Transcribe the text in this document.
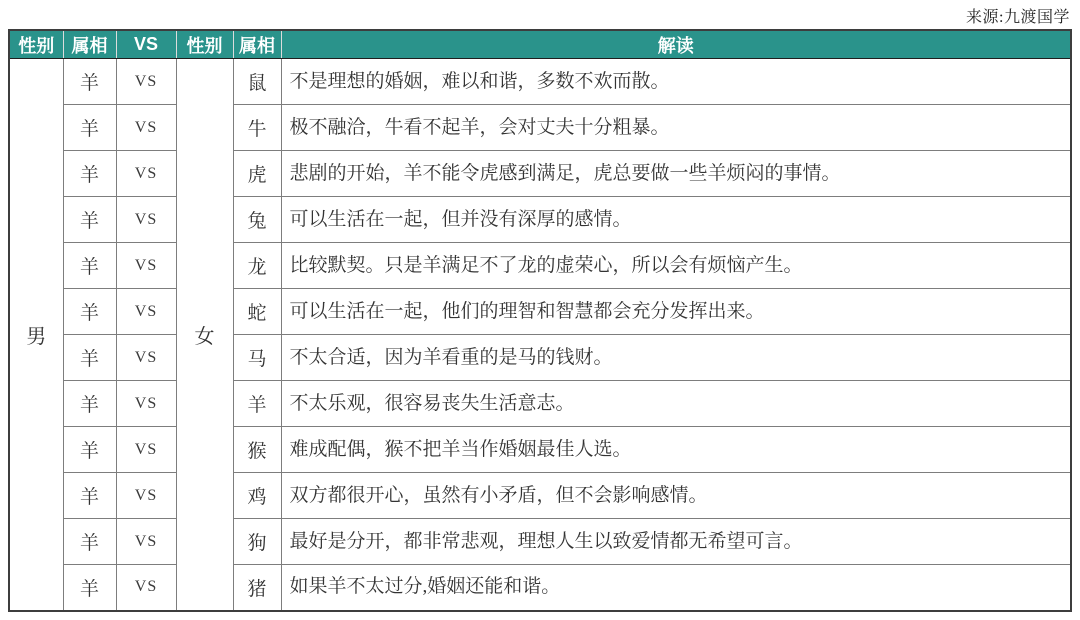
来源:九渡国学
性别	属相	VS	性别	属相	解读
男	羊	VS	女	鼠	不是理想的婚姻，难以和谐，多数不欢而散。
	羊	VS		牛	极不融洽，牛看不起羊，会对丈夫十分粗暴。
	羊	VS		虎	悲剧的开始，羊不能令虎感到满足，虎总要做一些羊烦闷的事情。
	羊	VS		兔	可以生活在一起，但并没有深厚的感情。
	羊	VS		龙	比较默契。只是羊满足不了龙的虚荣心，所以会有烦恼产生。
	羊	VS		蛇	可以生活在一起，他们的理智和智慧都会充分发挥出来。
	羊	VS		马	不太合适，因为羊看重的是马的钱财。
	羊	VS		羊	不太乐观，很容易丧失生活意志。
	羊	VS		猴	难成配偶，猴不把羊当作婚姻最佳人选。
	羊	VS		鸡	双方都很开心，虽然有小矛盾，但不会影响感情。
	羊	VS		狗	最好是分开，都非常悲观，理想人生以致爱情都无希望可言。
	羊	VS		猪	如果羊不太过分,婚姻还能和谐。
